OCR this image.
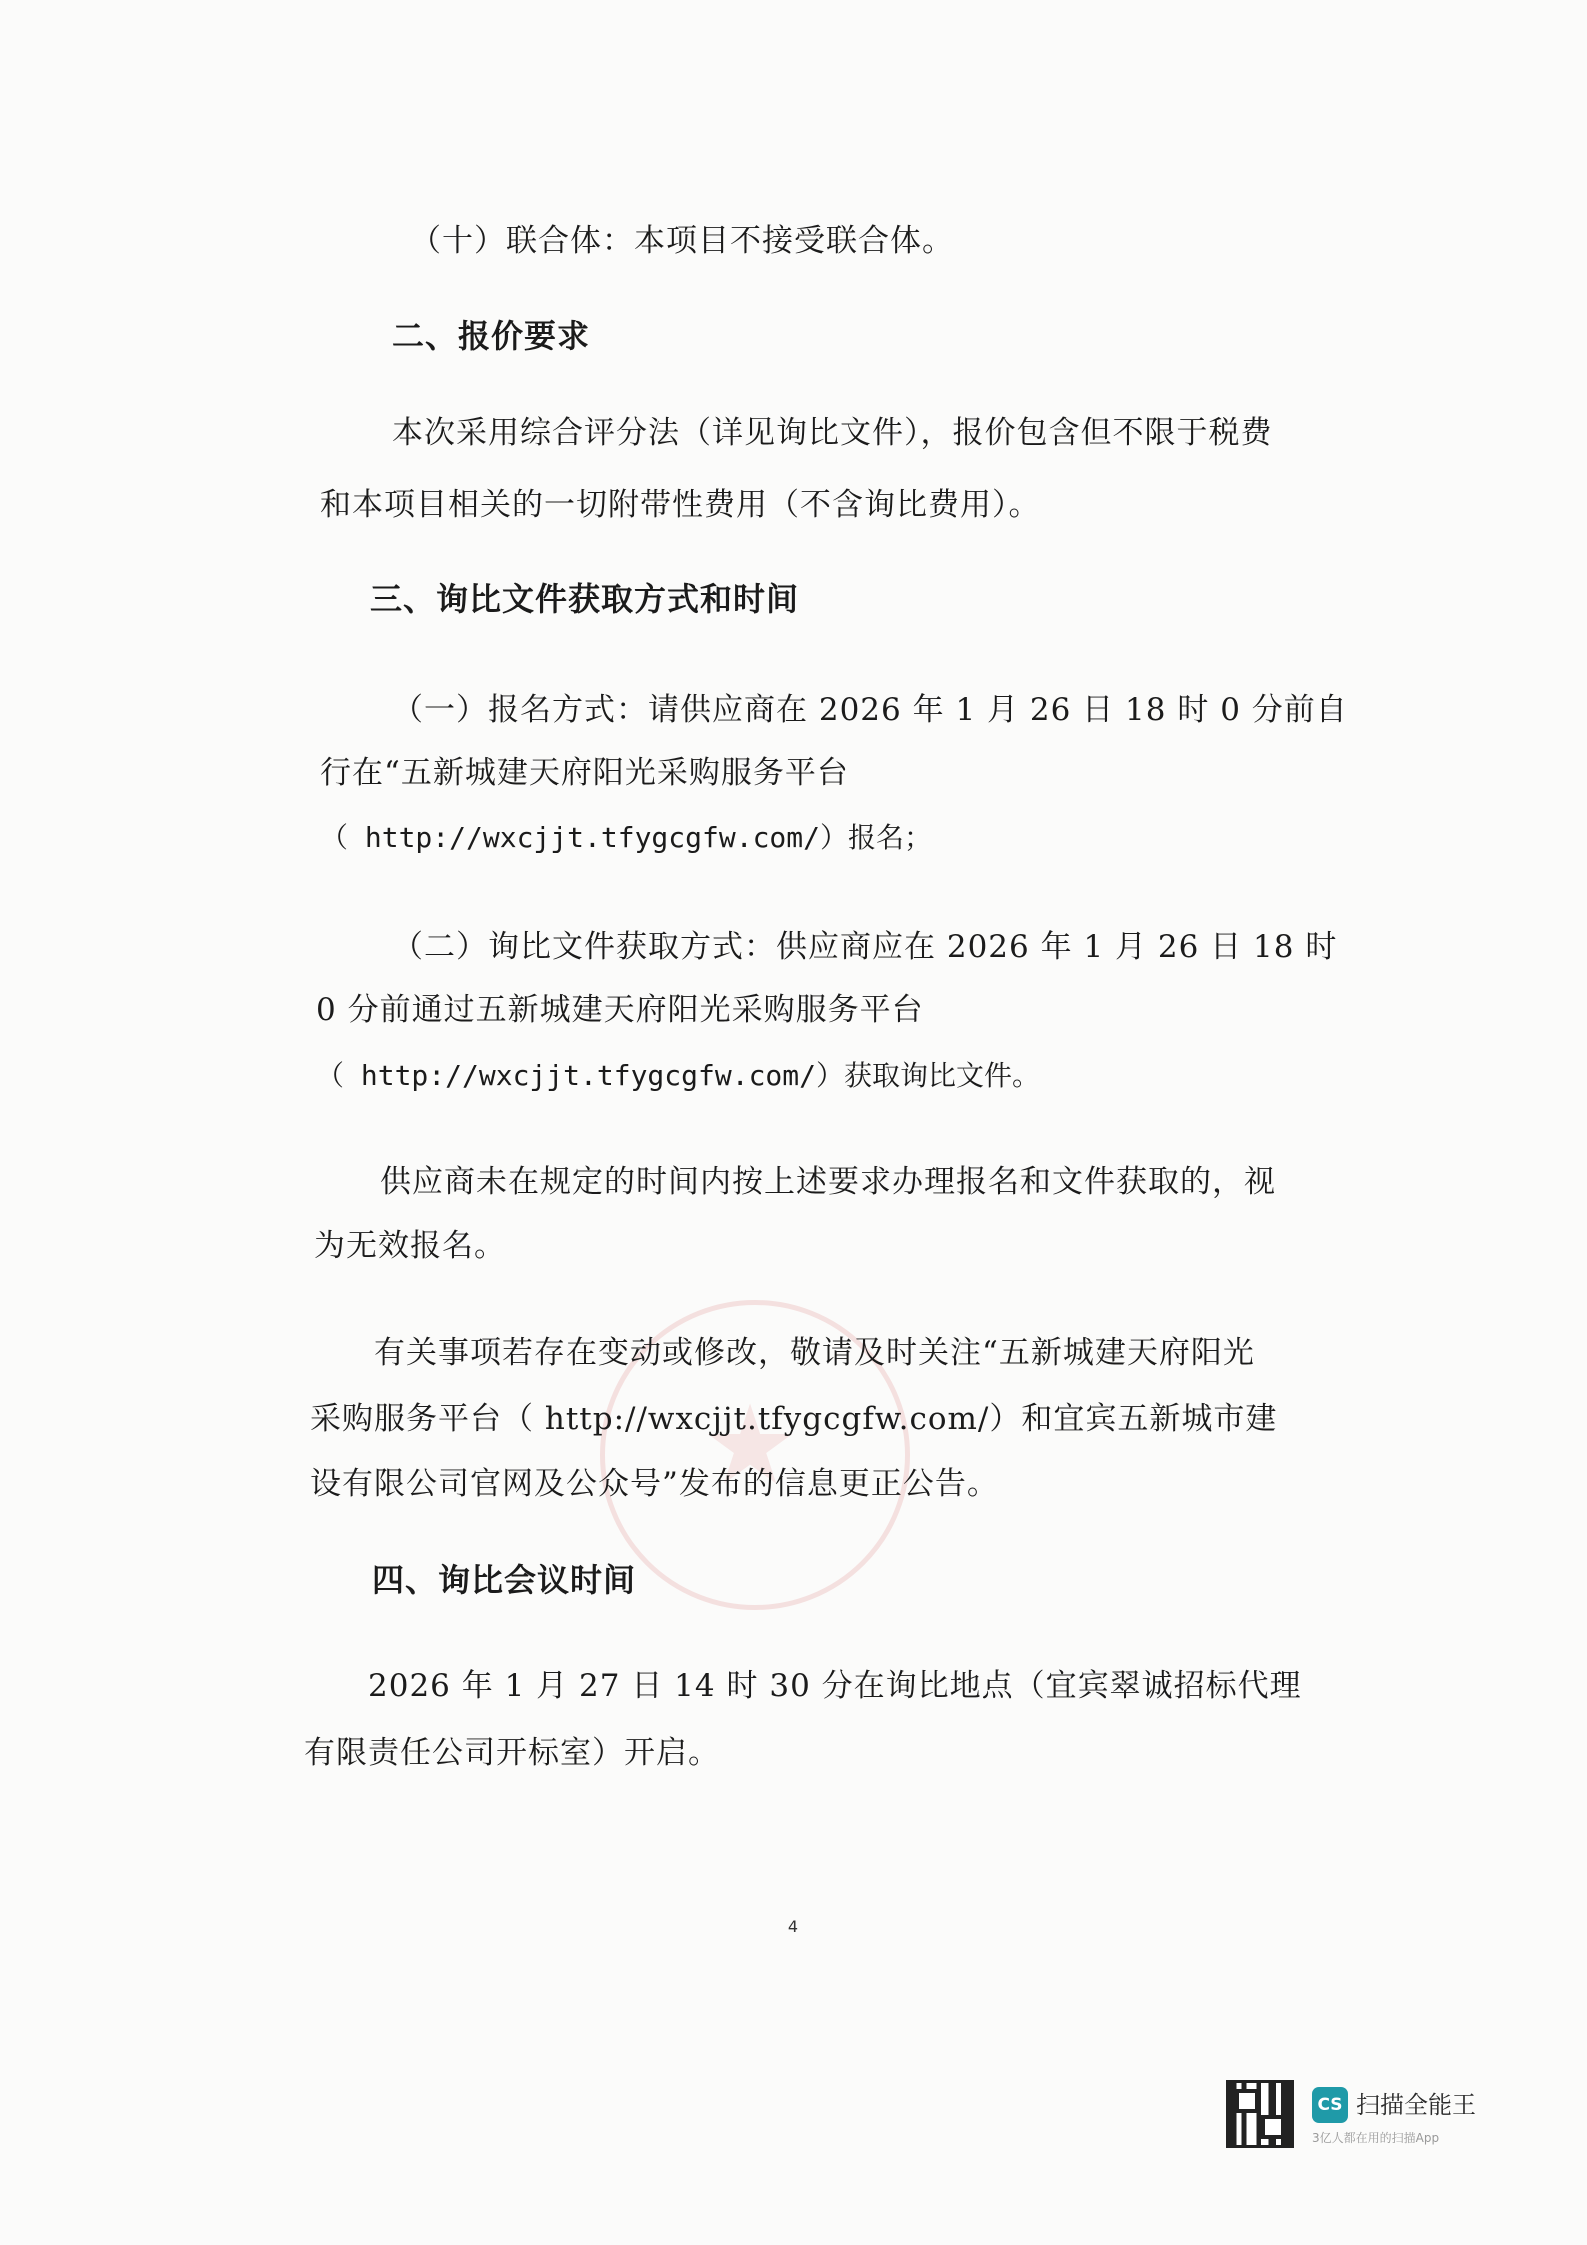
★
（十）联合体：本项目不接受联合体。
二、报价要求
本次采用综合评分法（详见询比文件），报价包含但不限于税费
和本项目相关的一切附带性费用（不含询比费用）。
三、询比文件获取方式和时间
（一）报名方式：请供应商在 2026 年 1 月 26 日 18 时 0 分前自
行在“五新城建天府阳光采购服务平台
（ http://wxcjjt.tfygcgfw.com/）报名；
（二）询比文件获取方式：供应商应在 2026 年 1 月 26 日 18 时
0 分前通过五新城建天府阳光采购服务平台
（ http://wxcjjt.tfygcgfw.com/）获取询比文件。
供应商未在规定的时间内按上述要求办理报名和文件获取的，视
为无效报名。
有关事项若存在变动或修改，敬请及时关注“五新城建天府阳光
采购服务平台（ http://wxcjjt.tfygcgfw.com/）和宜宾五新城市建
设有限公司官网及公众号”发布的信息更正公告。
四、询比会议时间
2026 年 1 月 27 日 14 时 30 分在询比地点（宜宾翠诚招标代理
有限责任公司开标室）开启。
4
CS 扫描全能王
3亿人都在用的扫描App
